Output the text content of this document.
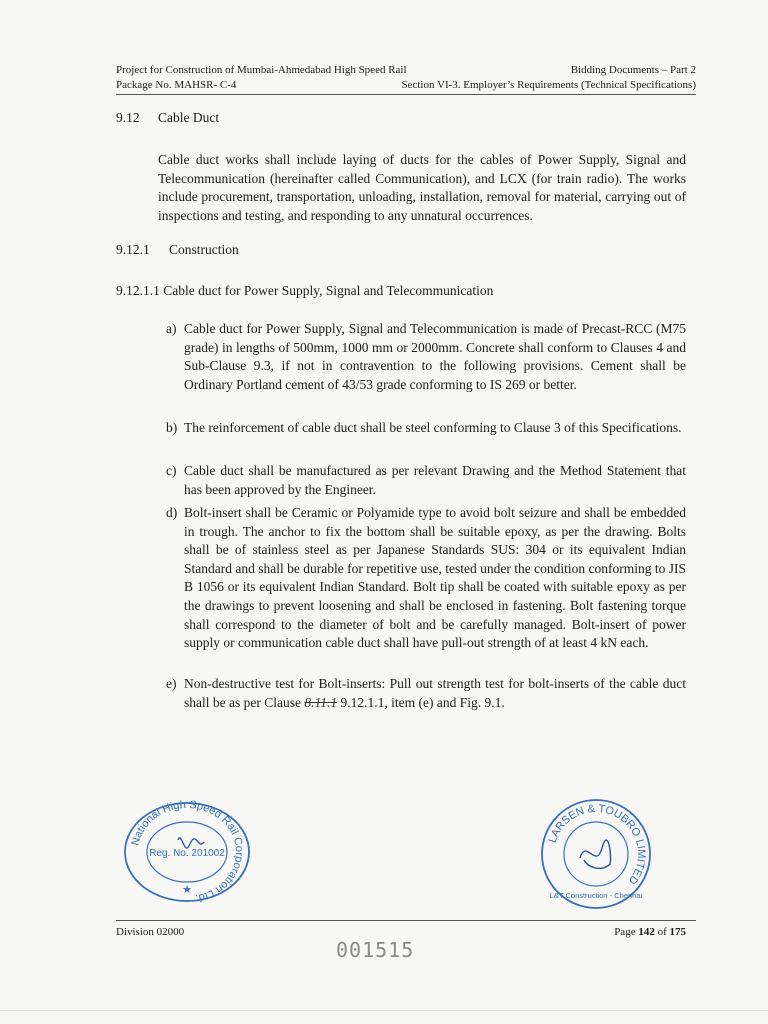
Project for Construction of Mumbai-Ahmedabad High Speed Rail
Package No. MAHSR- C-4
Bidding Documents – Part 2
Section VI-3. Employer’s Requirements (Technical Specifications)
9.12 Cable Duct
Cable duct works shall include laying of ducts for the cables of Power Supply, Signal and Telecommunication (hereinafter called Communication), and LCX (for train radio). The works include procurement, transportation, unloading, installation, removal for material, carrying out of inspections and testing, and responding to any unnatural occurrences.
9.12.1 Construction
9.12.1.1 Cable duct for Power Supply, Signal and Telecommunication
a) Cable duct for Power Supply, Signal and Telecommunication is made of Precast-RCC (M75 grade) in lengths of 500mm, 1000 mm or 2000mm. Concrete shall conform to Clauses 4 and Sub-Clause 9.3, if not in contravention to the following provisions. Cement shall be Ordinary Portland cement of 43/53 grade conforming to IS 269 or better.
b) The reinforcement of cable duct shall be steel conforming to Clause 3 of this Specifications.
c) Cable duct shall be manufactured as per relevant Drawing and the Method Statement that has been approved by the Engineer.
d) Bolt-insert shall be Ceramic or Polyamide type to avoid bolt seizure and shall be embedded in trough. The anchor to fix the bottom shall be suitable epoxy, as per the drawing. Bolts shall be of stainless steel as per Japanese Standards SUS: 304 or its equivalent Indian Standard and shall be durable for repetitive use, tested under the condition conforming to JIS B 1056 or its equivalent Indian Standard. Bolt tip shall be coated with suitable epoxy as per the drawings to prevent loosening and shall be enclosed in fastening. Bolt fastening torque shall correspond to the diameter of bolt and be carefully managed. Bolt-insert of power supply or communication cable duct shall have pull-out strength of at least 4 kN each.
e) Non-destructive test for Bolt-inserts: Pull out strength test for bolt-inserts of the cable duct shall be as per Clause 8.11.1 9.12.1.1, item (e) and Fig. 9.1.
National High Speed Rail Corporation Ltd.
Reg. No. 201002
★
LARSEN & TOUBRO LIMITED
L&T Construction - Chennai
Division 02000	Page 142 of 175
001515
